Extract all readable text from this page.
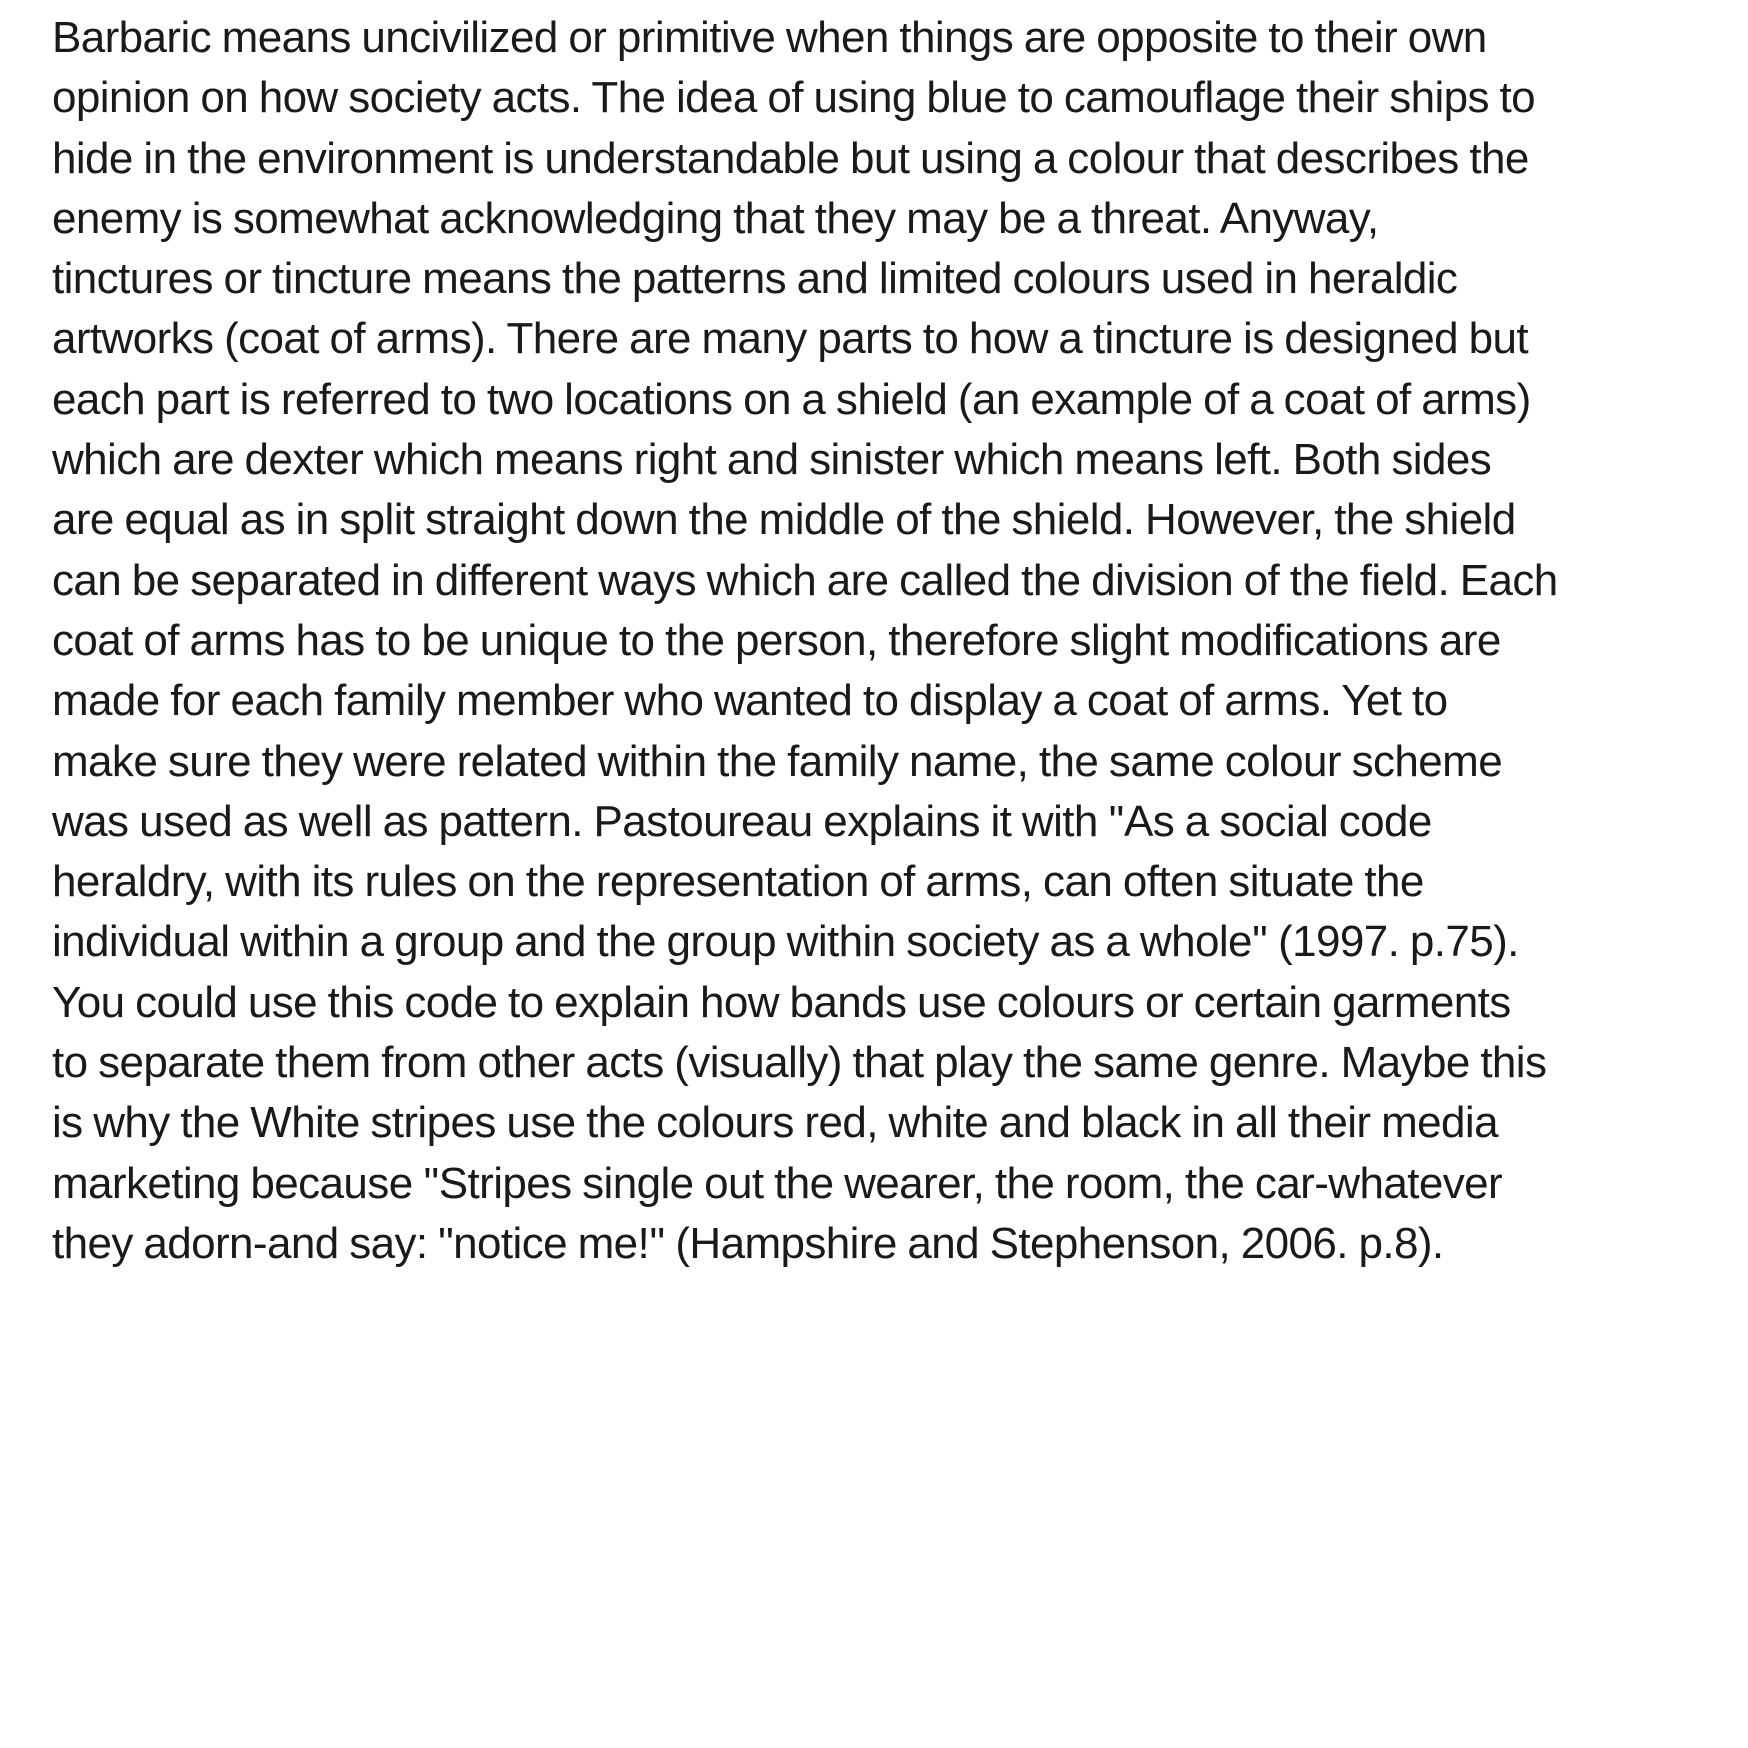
Barbaric means uncivilized or primitive when things are opposite to their own
opinion on how society acts. The idea of using blue to camouflage their ships to
hide in the environment is understandable but using a colour that describes the
enemy is somewhat acknowledging that they may be a threat. Anyway,
tinctures or tincture means the patterns and limited colours used in heraldic
artworks (coat of arms). There are many parts to how a tincture is designed but
each part is referred to two locations on a shield (an example of a coat of arms)
which are dexter which means right and sinister which means left. Both sides
are equal as in split straight down the middle of the shield. However, the shield
can be separated in different ways which are called the division of the field. Each
coat of arms has to be unique to the person, therefore slight modifications are
made for each family member who wanted to display a coat of arms. Yet to
make sure they were related within the family name, the same colour scheme
was used as well as pattern. Pastoureau explains it with ''As a social code
heraldry, with its rules on the representation of arms, can often situate the
individual within a group and the group within society as a whole'' (1997. p.75).
You could use this code to explain how bands use colours or certain garments
to separate them from other acts (visually) that play the same genre. Maybe this
is why the White stripes use the colours red, white and black in all their media
marketing because ''Stripes single out the wearer, the room, the car-whatever
they adorn-and say: "notice me!'' (Hampshire and Stephenson, 2006. p.8).
